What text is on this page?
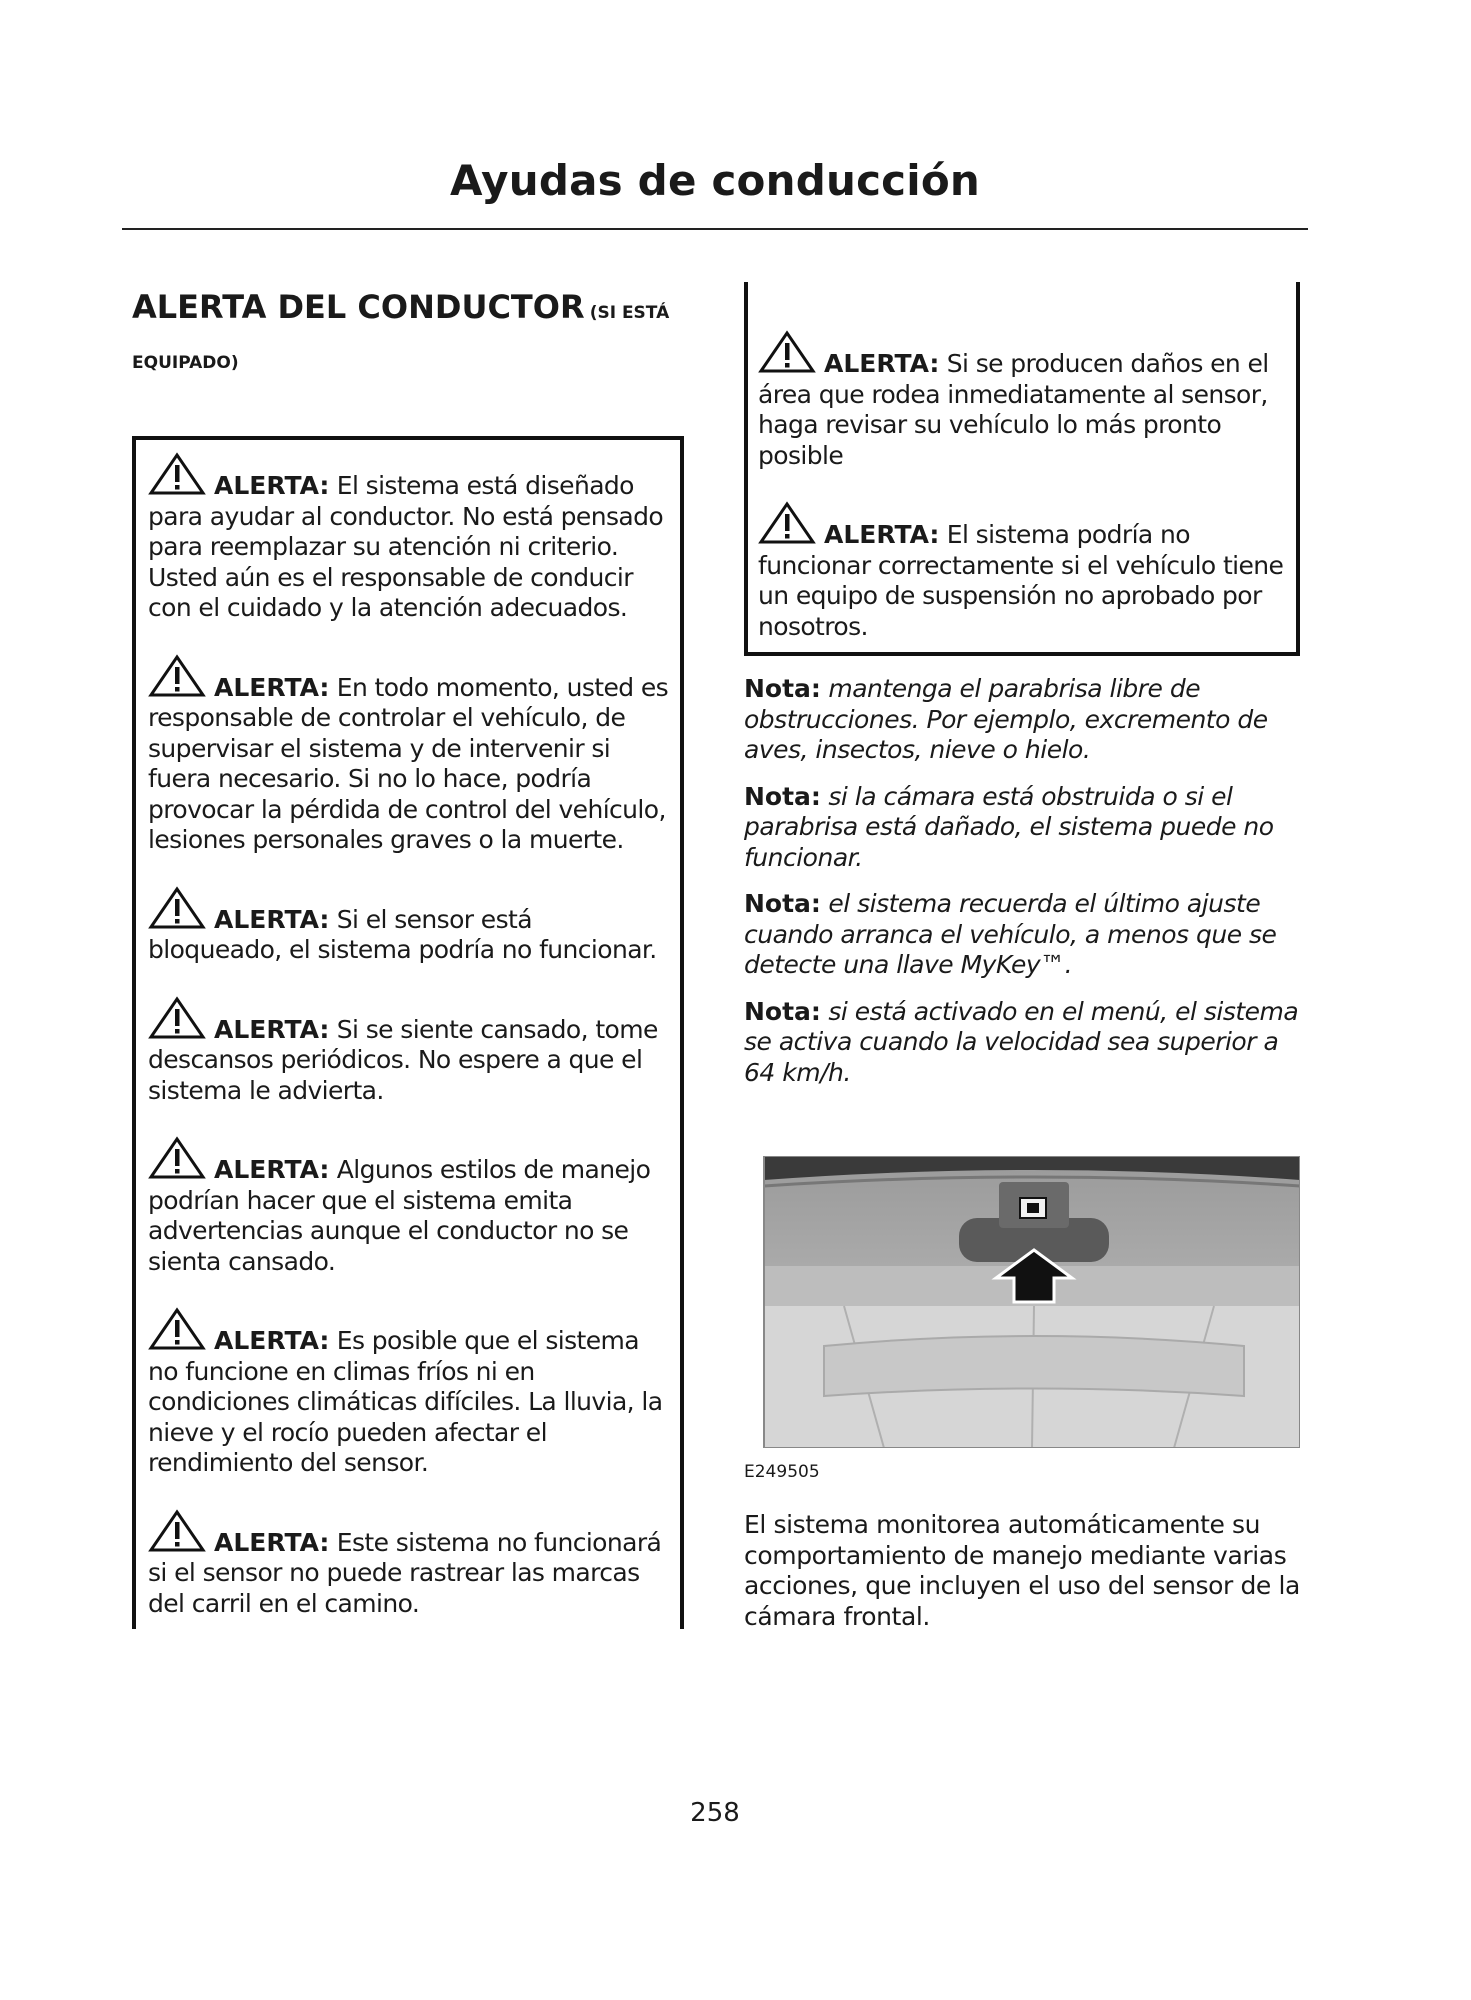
Ayudas de conducción
ALERTA DEL CONDUCTOR (SI ESTÁ EQUIPADO)
ALERTA: El sistema está diseñado para ayudar al conductor. No está pensado para reemplazar su atención ni criterio. Usted aún es el responsable de conducir con el cuidado y la atención adecuados.
ALERTA: En todo momento, usted es responsable de controlar el vehículo, de supervisar el sistema y de intervenir si fuera necesario. Si no lo hace, podría provocar la pérdida de control del vehículo, lesiones personales graves o la muerte.
ALERTA: Si el sensor está bloqueado, el sistema podría no funcionar.
ALERTA: Si se siente cansado, tome descansos periódicos. No espere a que el sistema le advierta.
ALERTA: Algunos estilos de manejo podrían hacer que el sistema emita advertencias aunque el conductor no se sienta cansado.
ALERTA: Es posible que el sistema no funcione en climas fríos ni en condiciones climáticas difíciles. La lluvia, la nieve y el rocío pueden afectar el rendimiento del sensor.
ALERTA: Este sistema no funcionará si el sensor no puede rastrear las marcas del carril en el camino.
ALERTA: Si se producen daños en el área que rodea inmediatamente al sensor, haga revisar su vehículo lo más pronto posible
ALERTA: El sistema podría no funcionar correctamente si el vehículo tiene un equipo de suspensión no aprobado por nosotros.
Nota: mantenga el parabrisa libre de obstrucciones. Por ejemplo, excremento de aves, insectos, nieve o hielo.
Nota: si la cámara está obstruida o si el parabrisa está dañado, el sistema puede no funcionar.
Nota: el sistema recuerda el último ajuste cuando arranca el vehículo, a menos que se detecte una llave MyKey™.
Nota: si está activado en el menú, el sistema se activa cuando la velocidad sea superior a 64 km/h.
E249505
El sistema monitorea automáticamente su comportamiento de manejo mediante varias acciones, que incluyen el uso del sensor de la cámara frontal.
258
